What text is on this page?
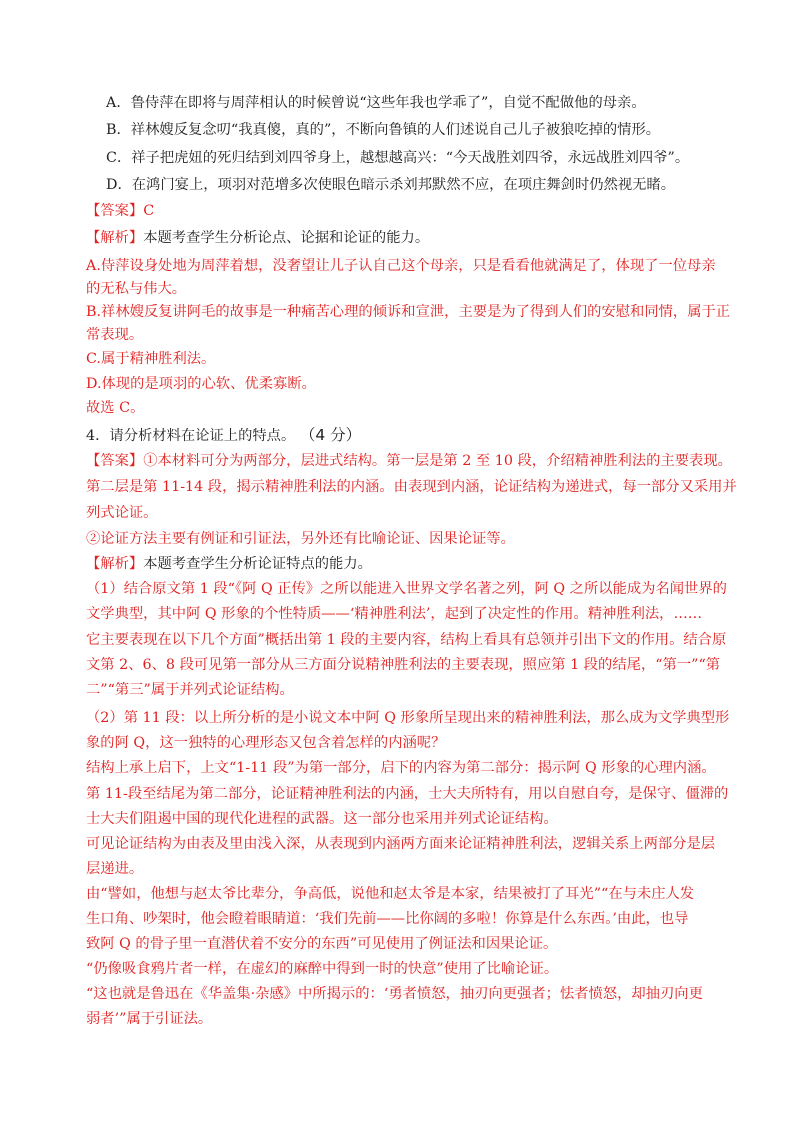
A．鲁侍萍在即将与周萍相认的时候曾说“这些年我也学乖了”，自觉不配做他的母亲。
B．祥林嫂反复念叨“我真傻，真的”，不断向鲁镇的人们述说自己儿子被狼吃掉的情形。
C．祥子把虎妞的死归结到刘四爷身上，越想越高兴：“今天战胜刘四爷，永远战胜刘四爷”。
D．在鸿门宴上，项羽对范增多次使眼色暗示杀刘邦默然不应，在项庄舞剑时仍然视无睹。
【答案】C
【解析】本题考查学生分析论点、论据和论证的能力。
A.侍萍设身处地为周萍着想，没奢望让儿子认自己这个母亲，只是看看他就满足了，体现了一位母亲
的无私与伟大。
B.祥林嫂反复讲阿毛的故事是一种痛苦心理的倾诉和宣泄，主要是为了得到人们的安慰和同情，属于正
常表现。
C.属于精神胜利法。
D.体现的是项羽的心软、优柔寡断。
故选 C。
4．请分析材料在论证上的特点。 （4 分）
【答案】①本材料可分为两部分，层进式结构。第一层是第 2 至 10 段，介绍精神胜利法的主要表现。
第二层是第 11-14 段，揭示精神胜利法的内涵。由表现到内涵，论证结构为递进式，每一部分又采用并
列式论证。
②论证方法主要有例证和引证法，另外还有比喻论证、因果论证等。
【解析】本题考查学生分析论证特点的能力。
（1）结合原文第 1 段“《阿 Q 正传》之所以能进入世界文学名著之列，阿 Q 之所以能成为名闻世界的
文学典型，其中阿 Q 形象的个性特质——‘精神胜利法’，起到了决定性的作用。精神胜利法，……
它主要表现在以下几个方面”概括出第 1 段的主要内容，结构上看具有总领并引出下文的作用。结合原
文第 2、6、8 段可见第一部分从三方面分说精神胜利法的主要表现，照应第 1 段的结尾，“第一”“第
二”“第三”属于并列式论证结构。
（2）第 11 段：以上所分析的是小说文本中阿 Q 形象所呈现出来的精神胜利法，那么成为文学典型形
象的阿 Q，这一独特的心理形态又包含着怎样的内涵呢？
结构上承上启下，上文“1-11 段”为第一部分，启下的内容为第二部分：揭示阿 Q 形象的心理内涵。
第 11-段至结尾为第二部分，论证精神胜利法的内涵，士大夫所特有，用以自慰自夸，是保守、僵滞的
士大夫们阻遏中国的现代化进程的武器。这一部分也采用并列式论证结构。
可见论证结构为由表及里由浅入深，从表现到内涵两方面来论证精神胜利法，逻辑关系上两部分是层
层递进。
由“譬如，他想与赵太爷比辈分，争高低，说他和赵太爷是本家，结果被打了耳光”“在与未庄人发
生口角、吵架时，他会瞪着眼睛道：‘我们先前——比你阔的多啦！你算是什么东西。’由此，也导
致阿 Q 的骨子里一直潜伏着不安分的东西”可见使用了例证法和因果论证。
“仍像吸食鸦片者一样，在虚幻的麻醉中得到一时的快意”使用了比喻论证。
“这也就是鲁迅在《华盖集·杂感》中所揭示的：‘勇者愤怒，抽刃向更强者；怯者愤怒，却抽刃向更
弱者’”属于引证法。
